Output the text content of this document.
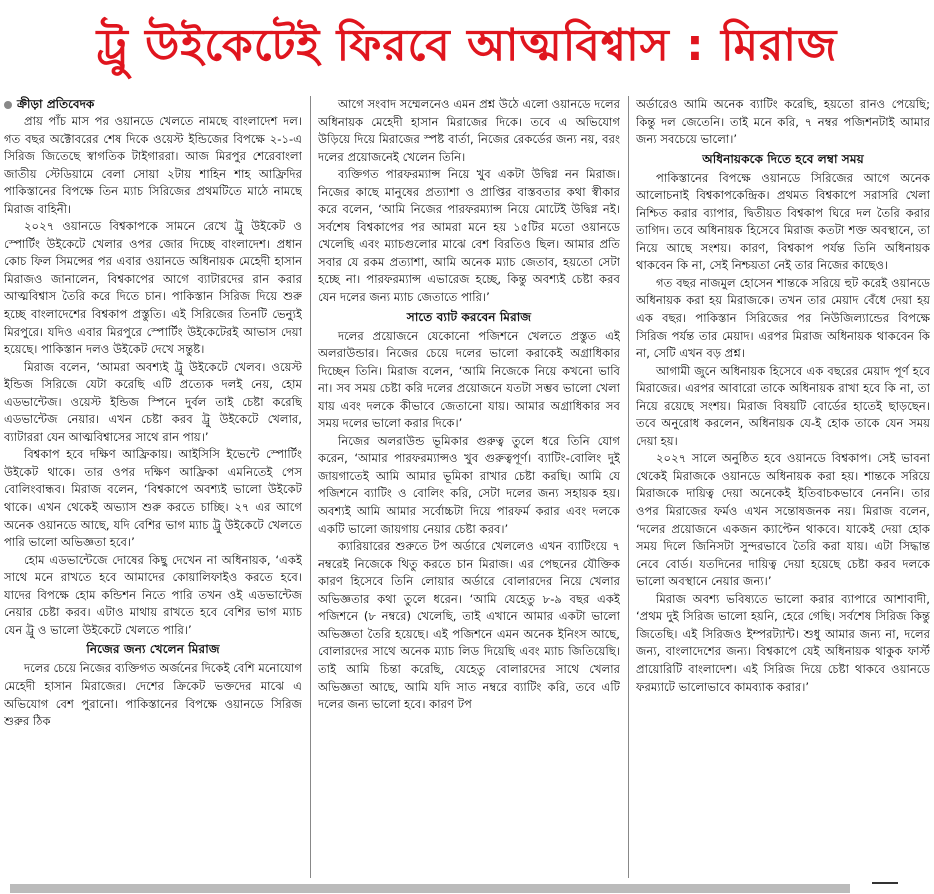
ট্রু উইকেটেই ফিরবে আত্মবিশ্বাস : মিরাজ
ক্রীড়া প্রতিবেদক

প্রায় পাঁচ মাস পর ওয়ানডে খেলতে নামছে বাংলাদেশ দল। গত বছর অক্টোবরের শেষ দিকে ওয়েস্ট ইন্ডিজের বিপক্ষে ২-১-এ সিরিজ জিতেছে স্বাগতিক টাইগাররা। আজ মিরপুর শেরেবাংলা জাতীয় স্টেডিয়ামে বেলা সোয়া ২টায় শাহিন শাহ আফ্রিদির পাকিস্তানের বিপক্ষে তিন ম্যাচ সিরিজের প্রথমটিতে মাঠে নামছে মিরাজ বাহিনী।

২০২৭ ওয়ানডে বিশ্বকাপকে সামনে রেখে ট্রু উইকেট ও স্পোর্টিং উইকেটে খেলার ওপর জোর দিচ্ছে বাংলাদেশ। প্রধান কোচ ফিল সিমন্সের পর এবার ওয়ানডে অধিনায়ক মেহেদী হাসান মিরাজও জানালেন, বিশ্বকাপের আগে ব্যাটারদের রান করার আত্মবিশ্বাস তৈরি করে দিতে চান। পাকিস্তান সিরিজ দিয়ে শুরু হচ্ছে বাংলাদেশের বিশ্বকাপ প্রস্তুতি। এই সিরিজের তিনটি ভেন্যুই মিরপুরে। যদিও এবার মিরপুরে স্পোর্টিং উইকেটেরই আভাস দেয়া হয়েছে। পাকিস্তান দলও উইকেট দেখে সন্তুষ্ট।

মিরাজ বলেন, ‘আমরা অবশ্যই ট্রু উইকেটে খেলব। ওয়েস্ট ইন্ডিজ সিরিজে যেটা করেছি এটি প্রত্যেক দলই নেয়, হোম এডভান্টেজ। ওয়েস্ট ইন্ডিজ স্পিনে দুর্বল তাই চেষ্টা করেছি এডভান্টেজ নেয়ার। এখন চেষ্টা করব ট্রু উইকেটে খেলার, ব্যাটাররা যেন আত্মবিশ্বাসের সাথে রান পায়।’

বিশ্বকাপ হবে দক্ষিণ আফ্রিকায়। আইসিসি ইভেন্টে স্পোর্টিং উইকেট থাকে। তার ওপর দক্ষিণ আফ্রিকা এমনিতেই পেস বোলিংবান্ধব। মিরাজ বলেন, ‘বিশ্বকাপে অবশ্যই ভালো উইকেট থাকে। এখন থেকেই অভ্যাস শুরু করতে চাচ্ছি। ২৭ এর আগে অনেক ওয়ানডে আছে, যদি বেশির ভাগ ম্যাচ ট্রু উইকেটে খেলতে পারি ভালো অভিজ্ঞতা হবে।’

হোম এডভান্টেজে দোষের কিছু দেখেন না অধিনায়ক, ‘একই সাথে মনে রাখতে হবে আমাদের কোয়ালিফাইও করতে হবে। যাদের বিপক্ষে হোম কন্ডিশন নিতে পারি তখন ওই এডভান্টেজ নেয়ার চেষ্টা করব। এটাও মাথায় রাখতে হবে বেশির ভাগ ম্যাচ যেন ট্রু ও ভালো উইকেটে খেলতে পারি।’

নিজের জন্য খেলেন মিরাজ

দলের চেয়ে নিজের ব্যক্তিগত অর্জনের দিকেই বেশি মনোযোগ মেহেদী হাসান মিরাজের। দেশের ক্রিকেট ভক্তদের মাঝে এ অভিযোগ বেশ পুরানো। পাকিস্তানের বিপক্ষে ওয়ানডে সিরিজ শুরুর ঠিক

আগে সংবাদ সম্মেলনেও এমন প্রশ্ন উঠে এলো ওয়ানডে দলের অধিনায়ক মেহেদী হাসান মিরাজের দিকে। তবে এ অভিযোগ উড়িয়ে দিয়ে মিরাজের স্পষ্ট বার্তা, নিজের রেকর্ডের জন্য নয়, বরং দলের প্রয়োজনেই খেলেন তিনি।

ব্যক্তিগত পারফরম্যান্স নিয়ে খুব একটা উদ্বিগ্ন নন মিরাজ। নিজের কাছে মানুষের প্রত্যাশা ও প্রাপ্তির বাস্তবতার কথা স্বীকার করে বলেন, ‘আমি নিজের পারফরম্যান্স নিয়ে মোটেই উদ্বিগ্ন নই। সর্বশেষ বিশ্বকাপের পর আমরা মনে হয় ১৫টির মতো ওয়ানডে খেলেছি এবং ম্যাচগুলোর মাঝে বেশ বিরতিও ছিল। আমার প্রতি সবার যে রকম প্রত্যাশা, আমি অনেক ম্যাচ জেতাব, হয়তো সেটা হচ্ছে না। পারফরম্যান্স এভারেজ হচ্ছে, কিন্তু অবশ্যই চেষ্টা করব যেন দলের জন্য ম্যাচ জেতাতে পারি।’

সাতে ব্যাট করবেন মিরাজ

দলের প্রয়োজনে যেকোনো পজিশনে খেলতে প্রস্তুত এই অলরাউন্ডার। নিজের চেয়ে দলের ভালো করাকেই অগ্রাধিকার দিচ্ছেন তিনি। মিরাজ বলেন, ‘আমি নিজেকে নিয়ে কখনো ভাবি না। সব সময় চেষ্টা করি দলের প্রয়োজনে যতটা সম্ভব ভালো খেলা যায় এবং দলকে কীভাবে জেতানো যায়। আমার অগ্রাধিকার সব সময় দলের ভালো করার দিকে।’

নিজের অলরাউন্ড ভূমিকার গুরুত্ব তুলে ধরে তিনি যোগ করেন, ‘আমার পারফরম্যান্সও খুব গুরুত্বপূর্ণ। ব্যাটিং-বোলিং দুই জায়গাতেই আমি আমার ভূমিকা রাখার চেষ্টা করছি। আমি যে পজিশনে ব্যাটিং ও বোলিং করি, সেটা দলের জন্য সহায়ক হয়। অবশ্যই আমি আমার সর্বোচ্চটা দিয়ে পারফর্ম করার এবং দলকে একটি ভালো জায়গায় নেয়ার চেষ্টা করব।’

ক্যারিয়ারের শুরুতে টপ অর্ডারে খেললেও এখন ব্যাটিংয়ে ৭ নম্বরেই নিজেকে থিতু করতে চান মিরাজ। এর পেছনের যৌক্তিক কারণ হিসেবে তিনি লোয়ার অর্ডারে বোলারদের নিয়ে খেলার অভিজ্ঞতার কথা তুলে ধরেন। ‘আমি যেহেতু ৮-৯ বছর একই পজিশনে (৮ নম্বরে) খেলেছি, তাই এখানে আমার একটা ভালো অভিজ্ঞতা তৈরি হয়েছে। এই পজিশনে এমন অনেক ইনিংস আছে, বোলারদের সাথে অনেক ম্যাচ লিড দিয়েছি এবং ম্যাচ জিতিয়েছি। তাই আমি চিন্তা করেছি, যেহেতু বোলারদের সাথে খেলার অভিজ্ঞতা আছে, আমি যদি সাত নম্বরে ব্যাটিং করি, তবে এটি দলের জন্য ভালো হবে। কারণ টপ

অর্ডারেও আমি অনেক ব্যাটিং করেছি, হয়তো রানও পেয়েছি; কিন্তু দল জেতেনি। তাই মনে করি, ৭ নম্বর পজিশনটাই আমার জন্য সবচেয়ে ভালো।’

অধিনায়ককে দিতে হবে লম্বা সময়

পাকিস্তানের বিপক্ষে ওয়ানডে সিরিজের আগে অনেক আলোচনাই বিশ্বকাপকেন্দ্রিক। প্রথমত বিশ্বকাপে সরাসরি খেলা নিশ্চিত করার ব্যাপার, দ্বিতীয়ত বিশ্বকাপ ঘিরে দল তৈরি করার তাগিদ। তবে অধিনায়ক হিসেবে মিরাজ কতটা শক্ত অবস্থানে, তা নিয়ে আছে সংশয়। কারণ, বিশ্বকাপ পর্যন্ত তিনি অধিনায়ক থাকবেন কি না, সেই নিশ্চয়তা নেই তার নিজের কাছেও।

গত বছর নাজমুল হোসেন শান্তকে সরিয়ে হুট করেই ওয়ানডে অধিনায়ক করা হয় মিরাজকে। তখন তার মেয়াদ বেঁধে দেয়া হয় এক বছর। পাকিস্তান সিরিজের পর নিউজিল্যান্ডের বিপক্ষে সিরিজ পর্যন্ত তার মেয়াদ। এরপর মিরাজ অধিনায়ক থাকবেন কি না, সেটি এখন বড় প্রশ্ন।

আগামী জুনে অধিনায়ক হিসেবে এক বছরের মেয়াদ পূর্ণ হবে মিরাজের। এরপর আবারো তাকে অধিনায়ক রাখা হবে কি না, তা নিয়ে রয়েছে সংশয়। মিরাজ বিষয়টি বোর্ডের হাতেই ছাড়ছেন। তবে অনুরোধ করলেন, অধিনায়ক যে-ই হোক তাকে যেন সময় দেয়া হয়।

২০২৭ সালে অনুষ্ঠিত হবে ওয়ানডে বিশ্বকাপ। সেই ভাবনা থেকেই মিরাজকে ওয়ানডে অধিনায়ক করা হয়। শান্তকে সরিয়ে মিরাজকে দায়িত্ব দেয়া অনেকেই ইতিবাচকভাবে নেননি। তার ওপর মিরাজের ফর্মও এখন সন্তোষজনক নয়। মিরাজ বলেন, ‘দলের প্রয়োজনে একজন ক্যাপ্টেন থাকবে। যাকেই দেয়া হোক সময় দিলে জিনিসটা সুন্দরভাবে তৈরি করা যায়। এটা সিদ্ধান্ত নেবে বোর্ড। যতদিনের দায়িত্ব দেয়া হয়েছে চেষ্টা করব দলকে ভালো অবস্থানে নেয়ার জন্য।’

মিরাজ অবশ্য ভবিষ্যতে ভালো করার ব্যাপারে আশাবাদী, ‘প্রথম দুই সিরিজ ভালো হয়নি, হেরে গেছি। সর্বশেষ সিরিজ কিন্তু জিতেছি। এই সিরিজও ইম্পরট্যান্ট। শুধু আমার জন্য না, দলের জন্য, বাংলাদেশের জন্য। বিশ্বকাপে যেই অধিনায়ক থাকুক ফার্স্ট প্রায়োরিটি বাংলাদেশ। এই সিরিজ দিয়ে চেষ্টা থাকবে ওয়ানডে ফরম্যাটে ভালোভাবে কামব্যাক করার।’
